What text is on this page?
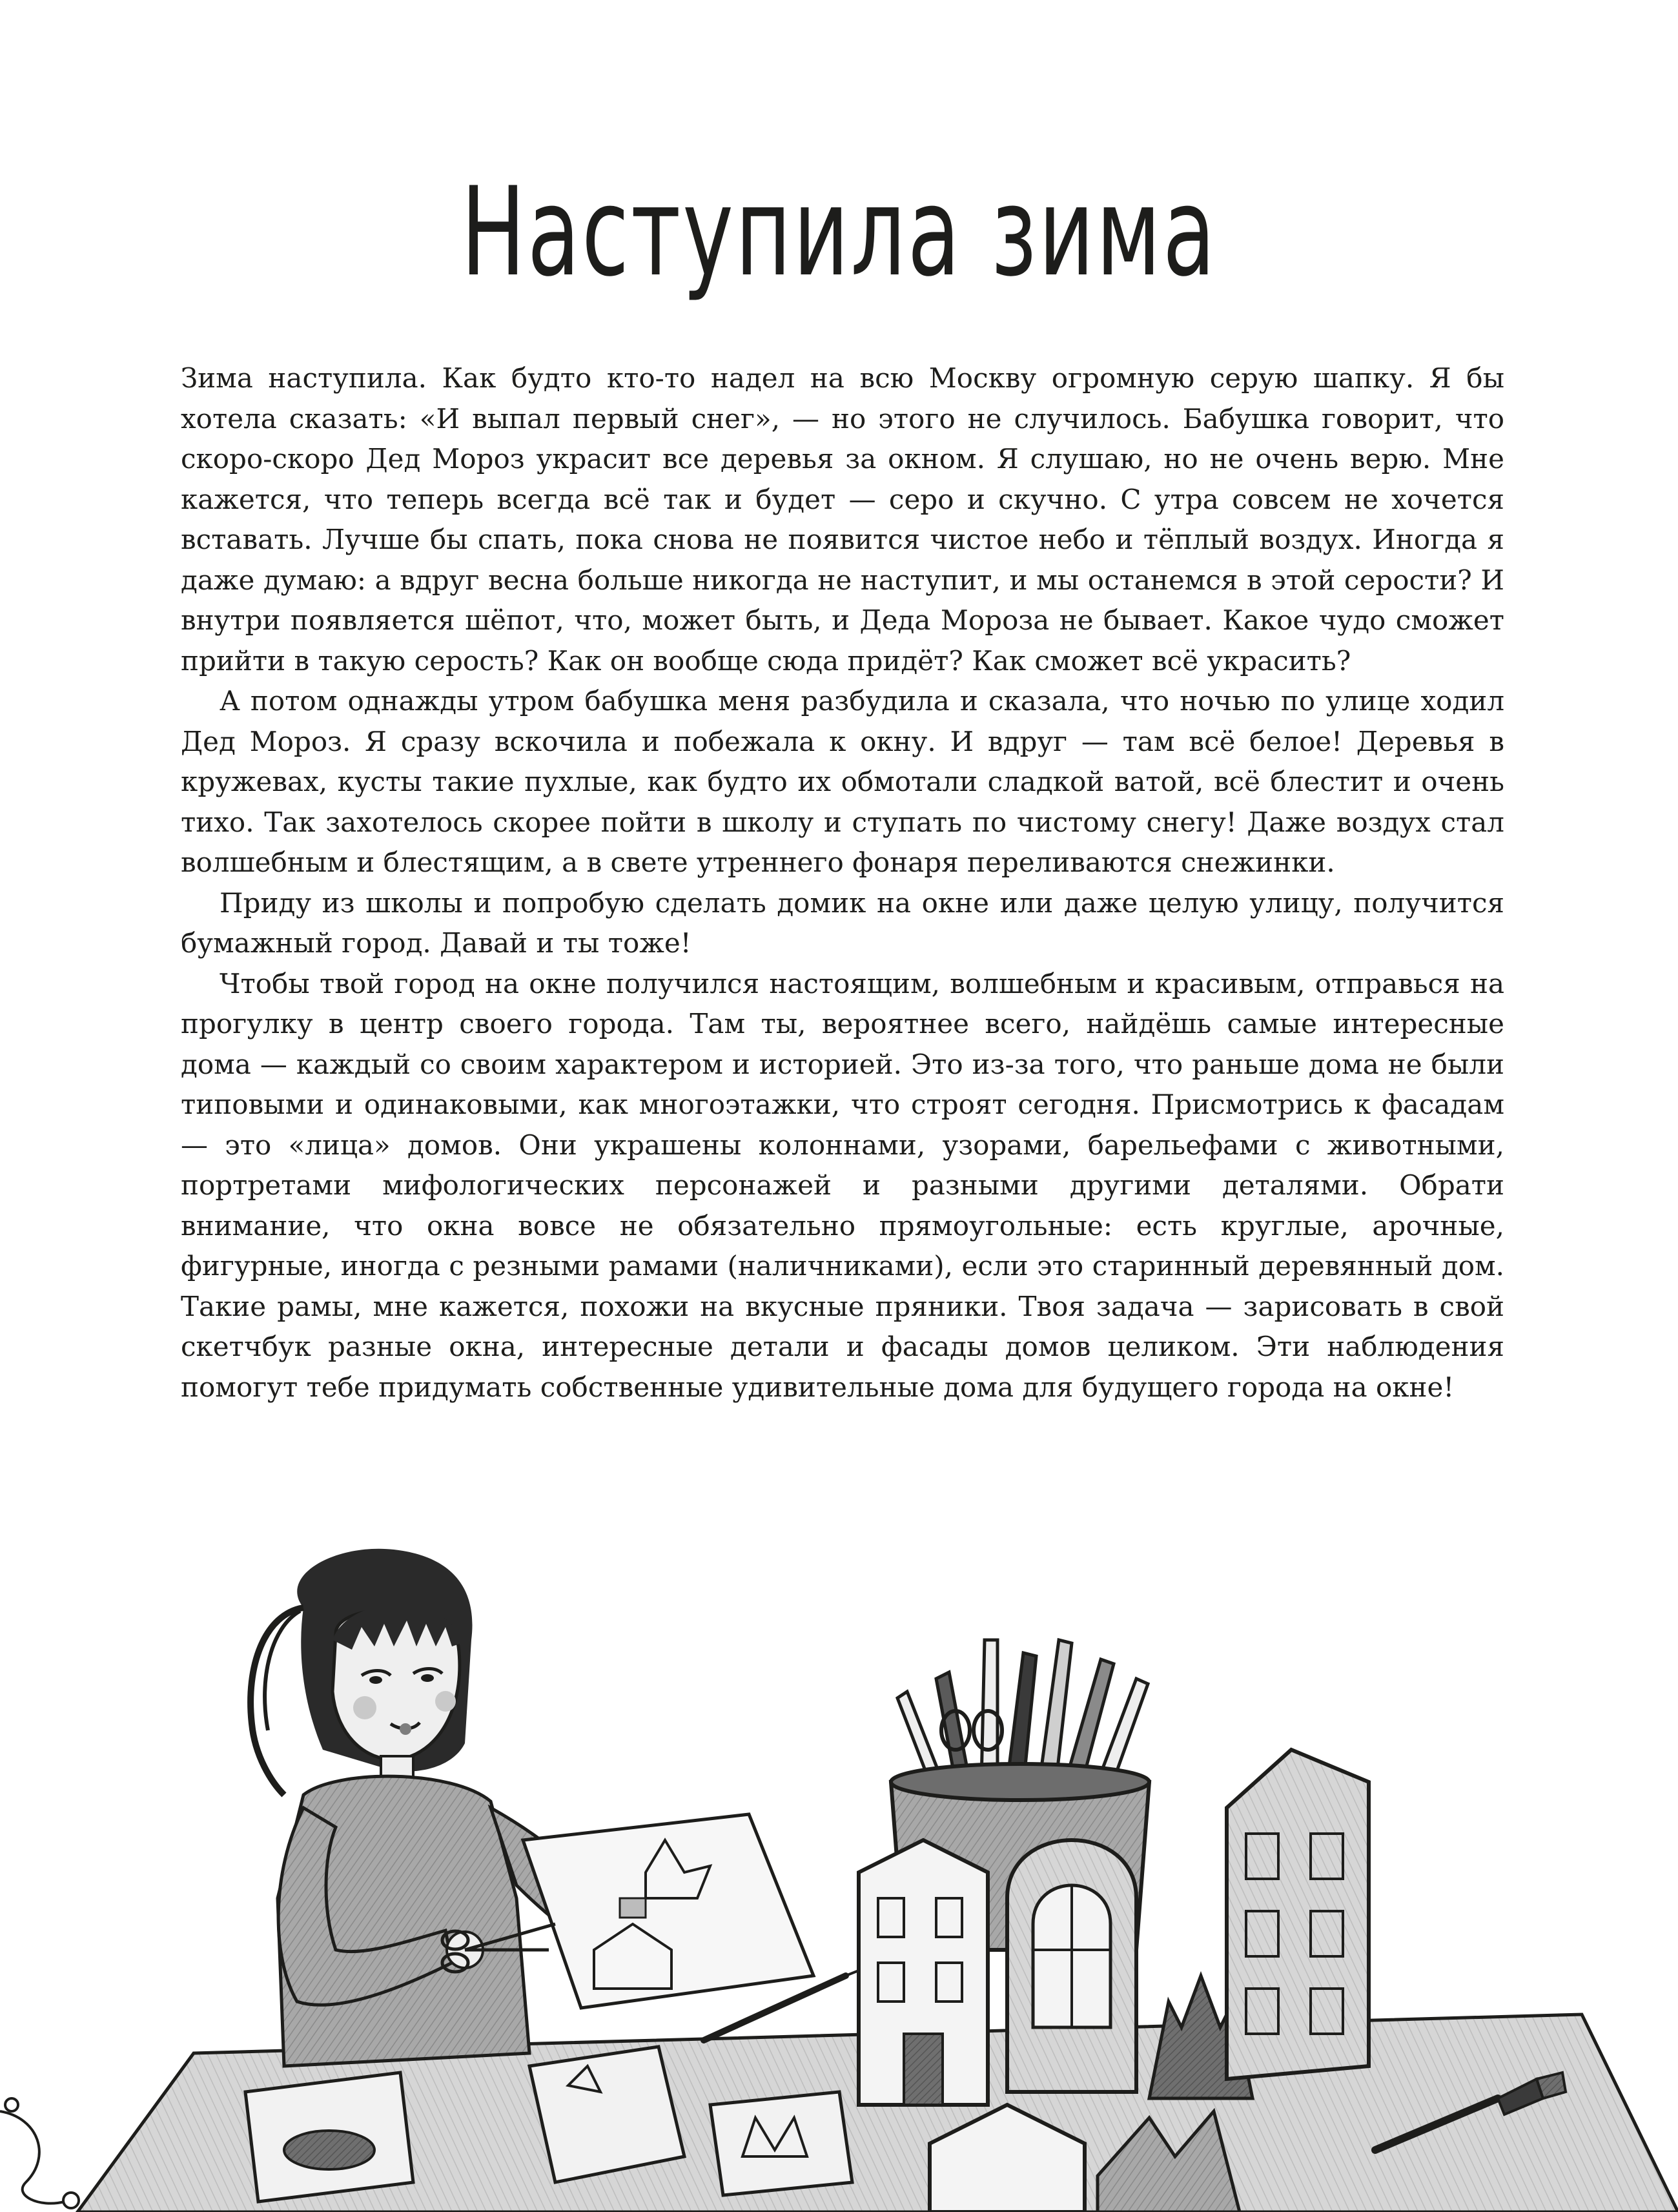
Наступила зима

Зима наступила. Как будто кто-то надел на всю Москву огромную серую шапку. Я бы хотела сказать: «И выпал первый снег», — но этого не случилось. Бабушка говорит, что скоро-скоро Дед Мороз украсит все деревья за окном. Я слушаю, но не очень верю. Мне кажется, что теперь всегда всё так и будет — серо и скучно. С утра совсем не хочется вставать. Лучше бы спать, пока снова не появится чистое небо и тёплый воздух. Иногда я даже думаю: а вдруг весна больше никогда не наступит, и мы останемся в этой серости? И внутри появляется шёпот, что, может быть, и Деда Мороза не бывает. Какое чудо сможет прийти в такую серость? Как он вообще сюда придёт? Как сможет всё украсить?

А потом однажды утром бабушка меня разбудила и сказала, что ночью по улице ходил Дед Мороз. Я сразу вскочила и побежала к окну. И вдруг — там всё белое! Деревья в кружевах, кусты такие пухлые, как будто их обмотали сладкой ватой, всё блестит и очень тихо. Так захотелось скорее пойти в школу и ступать по чистому снегу! Даже воздух стал волшебным и блестящим, а в свете утреннего фонаря переливаются снежинки.

Приду из школы и попробую сделать домик на окне или даже целую улицу, получится бумажный город. Давай и ты тоже!

Чтобы твой город на окне получился настоящим, волшебным и красивым, отправься на прогулку в центр своего города. Там ты, вероятнее всего, найдёшь самые интересные дома — каждый со своим характером и историей. Это из-за того, что раньше дома не были типовыми и одинаковыми, как многоэтажки, что строят сегодня. Присмотрись к фасадам — это «лица» домов. Они украшены колоннами, узорами, барельефами с животными, портретами мифологических персонажей и разными другими деталями. Обрати внимание, что окна вовсе не обязательно прямоугольные: есть круглые, арочные, фигурные, иногда с резными рамами (наличниками), если это старинный деревянный дом. Такие рамы, мне кажется, похожи на вкусные пряники. Твоя задача — зарисовать в свой скетчбук разные окна, интересные детали и фасады домов целиком. Эти наблюдения помогут тебе придумать собственные удивительные дома для будущего города на окне!
